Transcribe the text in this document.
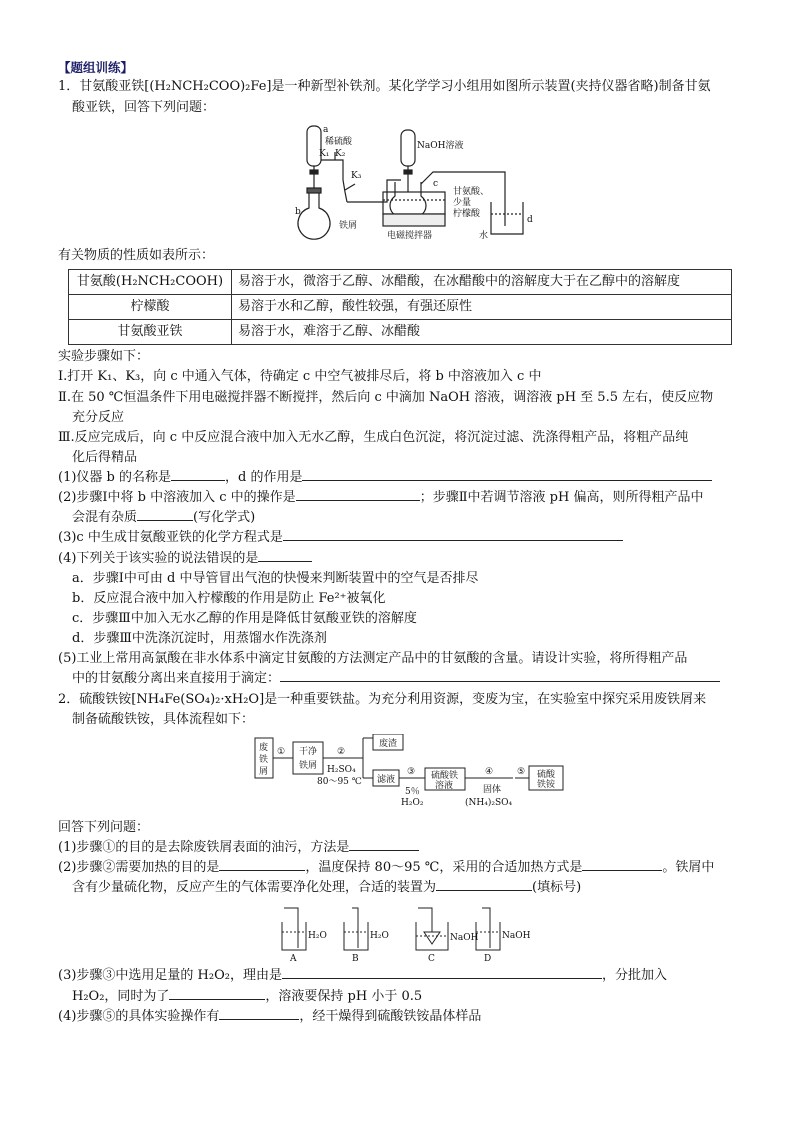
【题组训练】

1．甘氨酸亚铁[(H₂NCH₂COO)₂Fe]是一种新型补铁剂。某化学学习小组用如图所示装置(夹持仪器省略)制备甘氨

酸亚铁，回答下列问题：

a
稀硫酸
K₁ K₂
K₃
b
铁屑
NaOH溶液
c
甘氨酸、
少量
柠檬酸
电磁搅拌器	水
d

有关物质的性质如表所示：

甘氨酸(H₂NCH₂COOH)	易溶于水，微溶于乙醇、冰醋酸，在冰醋酸中的溶解度大于在乙醇中的溶解度
柠檬酸	易溶于水和乙醇，酸性较强，有强还原性
甘氨酸亚铁	易溶于水，难溶于乙醇、冰醋酸

实验步骤如下：

Ⅰ.打开 K₁、K₃，向 c 中通入气体，待确定 c 中空气被排尽后，将 b 中溶液加入 c 中

Ⅱ.在 50 ℃恒温条件下用电磁搅拌器不断搅拌，然后向 c 中滴加 NaOH 溶液，调溶液 pH 至 5.5 左右，使反应物

充分反应

Ⅲ.反应完成后，向 c 中反应混合液中加入无水乙醇，生成白色沉淀，将沉淀过滤、洗涤得粗产品，将粗产品纯

化后得精品

(1)仪器 b 的名称是	，d 的作用是

(2)步骤Ⅰ中将 b 中溶液加入 c 中的操作是	；步骤Ⅱ中若调节溶液 pH 偏高，则所得粗产品中

会混有杂质	(写化学式)

(3)c 中生成甘氨酸亚铁的化学方程式是

(4)下列关于该实验的说法错误的是

a．步骤Ⅰ中可由 d 中导管冒出气泡的快慢来判断装置中的空气是否排尽

b．反应混合液中加入柠檬酸的作用是防止 Fe²⁺被氧化

c．步骤Ⅲ中加入无水乙醇的作用是降低甘氨酸亚铁的溶解度

d．步骤Ⅲ中洗涤沉淀时，用蒸馏水作洗涤剂

(5)工业上常用高氯酸在非水体系中滴定甘氨酸的方法测定产品中的甘氨酸的含量。请设计实验，将所得粗产品

中的甘氨酸分离出来直接用于滴定：

2．硫酸铁铵[NH₄Fe(SO₄)₂·xH₂O]是一种重要铁盐。为充分利用资源，变废为宝，在实验室中探究采用废铁屑来

制备硫酸铁铵，具体流程如下：

废
铁
屑
① 干净
铁屑
②
H₂SO₄
80～95 ℃
废渣
滤液
③
5％
H₂O₂
硫酸铁
溶液
④
固体
(NH₄)₂SO₄
⑤ 硫酸
铁铵

回答下列问题：

(1)步骤①的目的是去除废铁屑表面的油污，方法是

(2)步骤②需要加热的目的是	，温度保持 80～95 ℃，采用的合适加热方式是	。铁屑中

含有少量硫化物，反应产生的气体需要净化处理，合适的装置为	(填标号)

H₂O
A
H₂O
B
NaOH
C
NaOH
D

(3)步骤③中选用足量的 H₂O₂，理由是	，分批加入

H₂O₂，同时为了	，溶液要保持 pH 小于 0.5

(4)步骤⑤的具体实验操作有	，经干燥得到硫酸铁铵晶体样品
